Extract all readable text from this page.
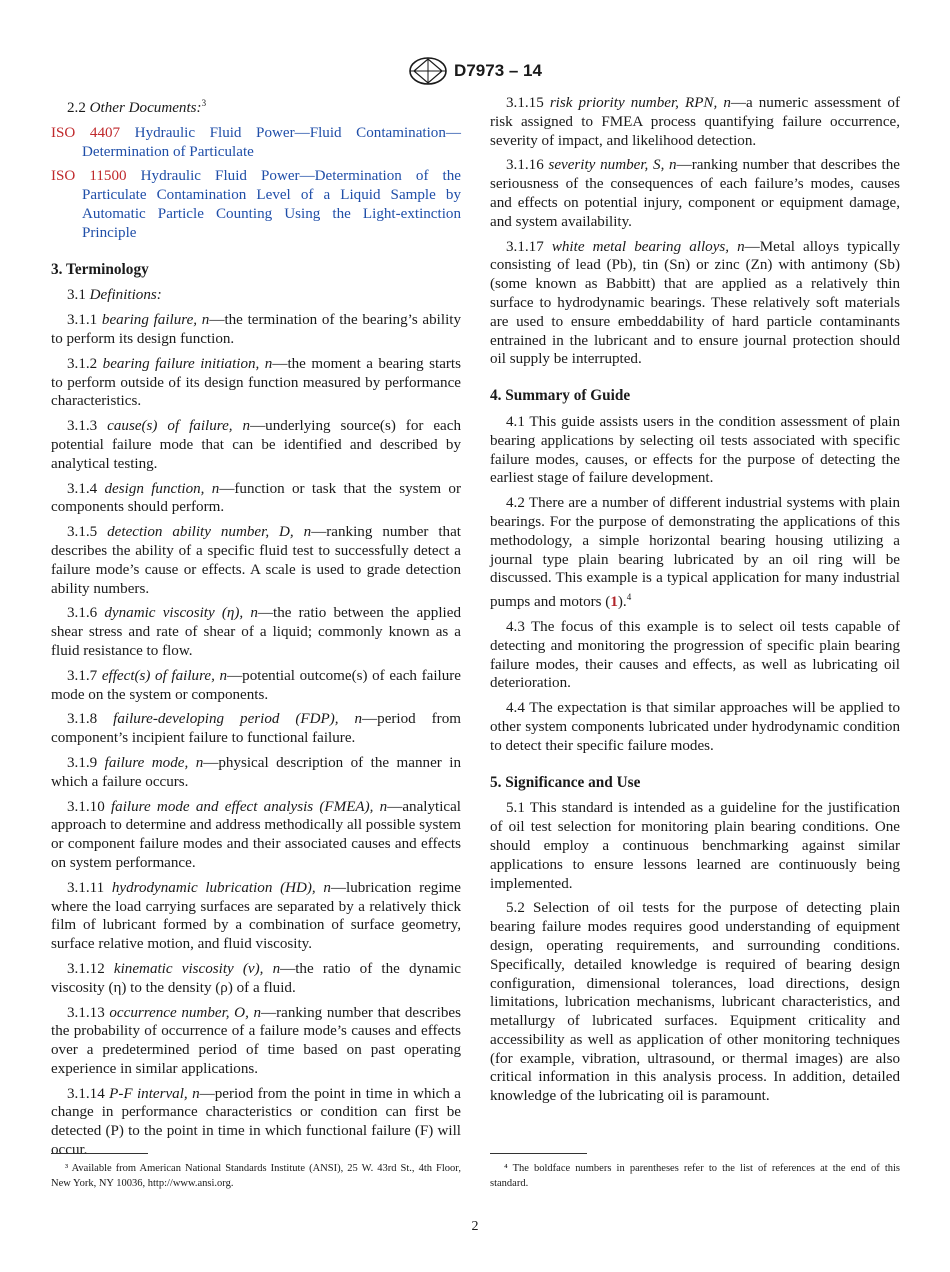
D7973 – 14

2.2 Other Documents:$^3$

ISO 4407 Hydraulic Fluid Power—Fluid Contamination—Determination of Particulate

ISO 11500 Hydraulic Fluid Power—Determination of the Particulate Contamination Level of a Liquid Sample by Automatic Particle Counting Using the Light-extinction Principle

3. Terminology

3.1 Definitions:

3.1.1 bearing failure, n—the termination of the bearing’s ability to perform its design function.

3.1.2 bearing failure initiation, n—the moment a bearing starts to perform outside of its design function measured by performance characteristics.

3.1.3 cause(s) of failure, n—underlying source(s) for each potential failure mode that can be identified and described by analytical testing.

3.1.4 design function, n—function or task that the system or components should perform.

3.1.5 detection ability number, D, n—ranking number that describes the ability of a specific fluid test to successfully detect a failure mode’s cause or effects. A scale is used to grade detection ability numbers.

3.1.6 dynamic viscosity (η), n—the ratio between the applied shear stress and rate of shear of a liquid; commonly known as a fluid resistance to flow.

3.1.7 effect(s) of failure, n—potential outcome(s) of each failure mode on the system or components.

3.1.8 failure-developing period (FDP), n—period from component’s incipient failure to functional failure.

3.1.9 failure mode, n—physical description of the manner in which a failure occurs.

3.1.10 failure mode and effect analysis (FMEA), n—analytical approach to determine and address methodically all possible system or component failure modes and their associated causes and effects on system performance.

3.1.11 hydrodynamic lubrication (HD), n—lubrication regime where the load carrying surfaces are separated by a relatively thick film of lubricant formed by a combination of surface geometry, surface relative motion, and fluid viscosity.

3.1.12 kinematic viscosity (ν), n—the ratio of the dynamic viscosity (η) to the density (ρ) of a fluid.

3.1.13 occurrence number, O, n—ranking number that describes the probability of occurrence of a failure mode’s causes and effects over a predetermined period of time based on past operating experience in similar applications.

3.1.14 P-F interval, n—period from the point in time in which a change in performance characteristics or condition can first be detected (P) to the point in time in which functional failure (F) will occur.

3.1.15 risk priority number, RPN, n—a numeric assessment of risk assigned to FMEA process quantifying failure occurrence, severity of impact, and likelihood detection.

3.1.16 severity number, S, n—ranking number that describes the seriousness of the consequences of each failure’s modes, causes and effects on potential injury, component or equipment damage, and system availability.

3.1.17 white metal bearing alloys, n—Metal alloys typically consisting of lead (Pb), tin (Sn) or zinc (Zn) with antimony (Sb) (some known as Babbitt) that are applied as a relatively thin surface to hydrodynamic bearings. These relatively soft materials are used to ensure embeddability of hard particle contaminants entrained in the lubricant and to ensure journal protection should oil supply be interrupted.

4. Summary of Guide

4.1 This guide assists users in the condition assessment of plain bearing applications by selecting oil tests associated with specific failure modes, causes, or effects for the purpose of detecting the earliest stage of failure development.

4.2 There are a number of different industrial systems with plain bearings. For the purpose of demonstrating the applications of this methodology, a simple horizontal bearing housing utilizing a journal type plain bearing lubricated by an oil ring will be discussed. This example is a typical application for many industrial pumps and motors (1).$^4$

4.3 The focus of this example is to select oil tests capable of detecting and monitoring the progression of specific plain bearing failure modes, their causes and effects, as well as lubricating oil deterioration.

4.4 The expectation is that similar approaches will be applied to other system components lubricated under hydrodynamic condition to detect their specific failure modes.

5. Significance and Use

5.1 This standard is intended as a guideline for the justification of oil test selection for monitoring plain bearing conditions. One should employ a continuous benchmarking against similar applications to ensure lessons learned are continuously being implemented.

5.2 Selection of oil tests for the purpose of detecting plain bearing failure modes requires good understanding of equipment design, operating requirements, and surrounding conditions. Specifically, detailed knowledge is required of bearing design configuration, dimensional tolerances, load directions, design limitations, lubrication mechanisms, lubricant characteristics, and metallurgy of lubricated surfaces. Equipment criticality and accessibility as well as application of other monitoring techniques (for example, vibration, ultrasound, or thermal images) are also critical information in this analysis process. In addition, detailed knowledge of the lubricating oil is paramount.

³ Available from American National Standards Institute (ANSI), 25 W. 43rd St., 4th Floor, New York, NY 10036, http://www.ansi.org.

⁴ The boldface numbers in parentheses refer to the list of references at the end of this standard.

2
